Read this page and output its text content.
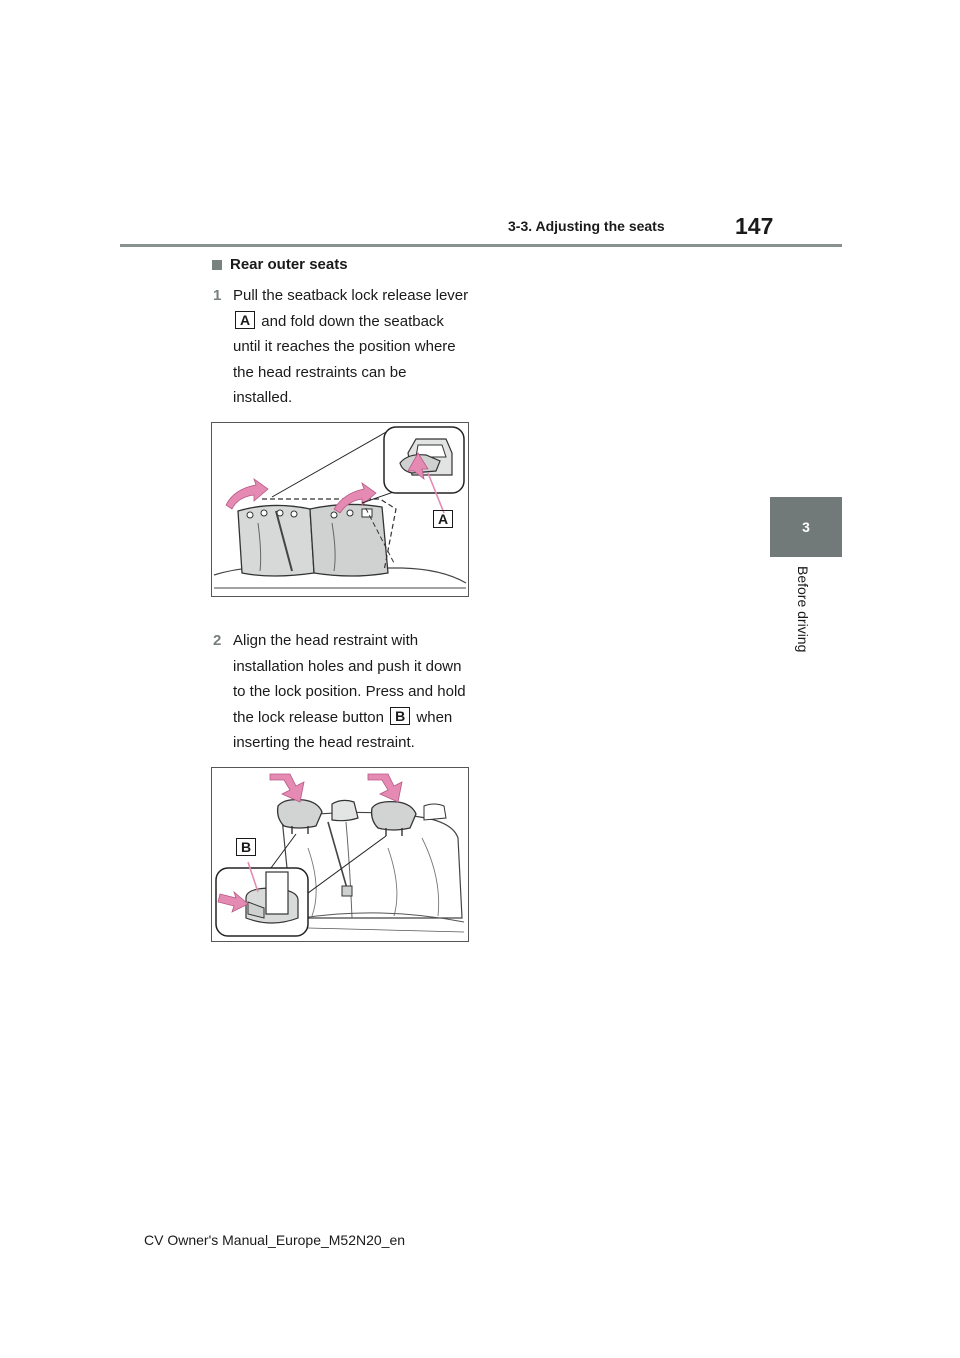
3-3. Adjusting the seats	147
3
Before driving
Rear outer seats
1 Pull the seatback lock release lever A and fold down the seatback until it reaches the position where the head restraints can be installed.
A
2 Align the head restraint with installation holes and push it down to the lock position. Press and hold the lock release button B when inserting the head restraint.
B
CV Owner's Manual_Europe_M52N20_en
